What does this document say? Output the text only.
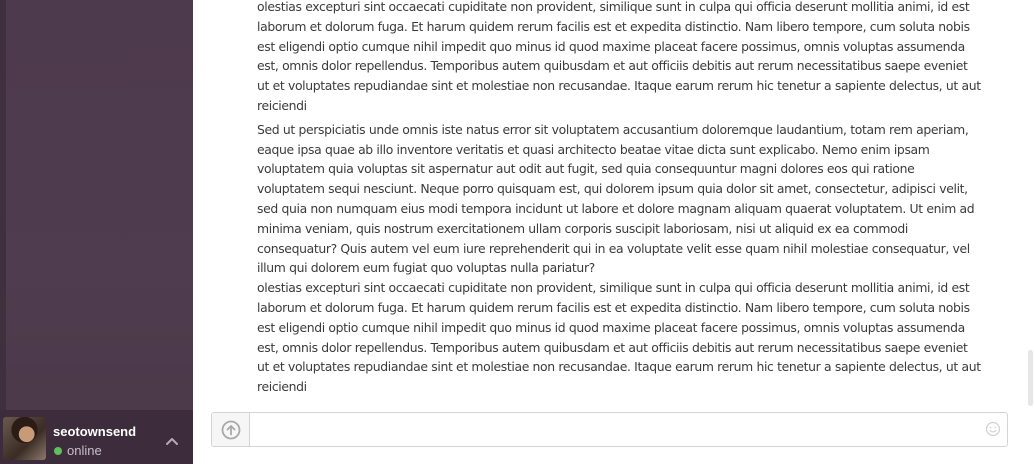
seotownsend
online

olestias excepturi sint occaecati cupiditate non provident, similique sunt in culpa qui officia deserunt mollitia animi, id est laborum et dolorum fuga. Et harum quidem rerum facilis est et expedita distinctio. Nam libero tempore, cum soluta nobis est eligendi optio cumque nihil impedit quo minus id quod maxime placeat facere possimus, omnis voluptas assumenda est, omnis dolor repellendus. Temporibus autem quibusdam et aut officiis debitis aut rerum necessitatibus saepe eveniet ut et voluptates repudiandae sint et molestiae non recusandae. Itaque earum rerum hic tenetur a sapiente delectus, ut aut reiciendi

Sed ut perspiciatis unde omnis iste natus error sit voluptatem accusantium doloremque laudantium, totam rem aperiam, eaque ipsa quae ab illo inventore veritatis et quasi architecto beatae vitae dicta sunt explicabo. Nemo enim ipsam voluptatem quia voluptas sit aspernatur aut odit aut fugit, sed quia consequuntur magni dolores eos qui ratione voluptatem sequi nesciunt. Neque porro quisquam est, qui dolorem ipsum quia dolor sit amet, consectetur, adipisci velit, sed quia non numquam eius modi tempora incidunt ut labore et dolore magnam aliquam quaerat voluptatem. Ut enim ad minima veniam, quis nostrum exercitationem ullam corporis suscipit laboriosam, nisi ut aliquid ex ea commodi consequatur? Quis autem vel eum iure reprehenderit qui in ea voluptate velit esse quam nihil molestiae consequatur, vel illum qui dolorem eum fugiat quo voluptas nulla pariatur?

olestias excepturi sint occaecati cupiditate non provident, similique sunt in culpa qui officia deserunt mollitia animi, id est laborum et dolorum fuga. Et harum quidem rerum facilis est et expedita distinctio. Nam libero tempore, cum soluta nobis est eligendi optio cumque nihil impedit quo minus id quod maxime placeat facere possimus, omnis voluptas assumenda est, omnis dolor repellendus. Temporibus autem quibusdam et aut officiis debitis aut rerum necessitatibus saepe eveniet ut et voluptates repudiandae sint et molestiae non recusandae. Itaque earum rerum hic tenetur a sapiente delectus, ut aut reiciendi
